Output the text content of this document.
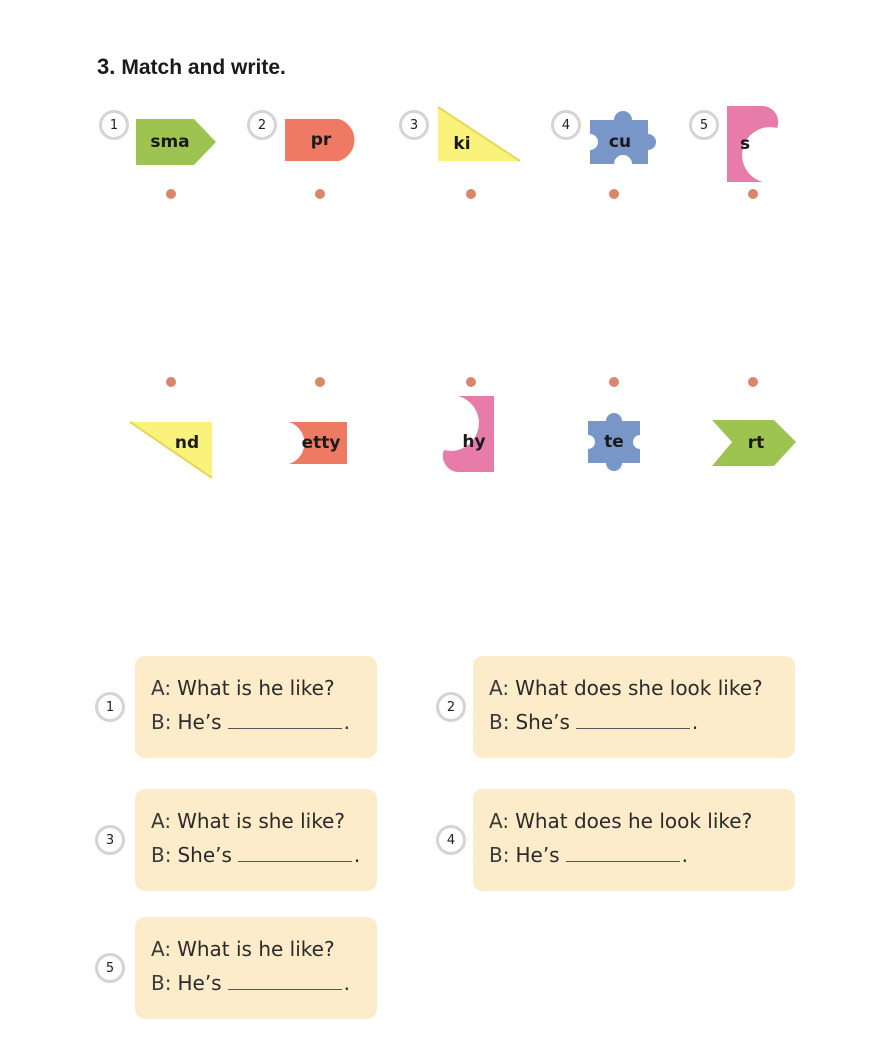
3. Match and write.
1
sma
2
pr
3
ki
4
cu
5
s
nd	etty	hy	te	rt
1
A: What is he like?
B: He’s	.
2
A: What does she look like?
B: She’s	.
3
A: What is she like?
B: She’s	.
4
A: What does he look like?
B: He’s	.
5
A: What is he like?
B: He’s	.
